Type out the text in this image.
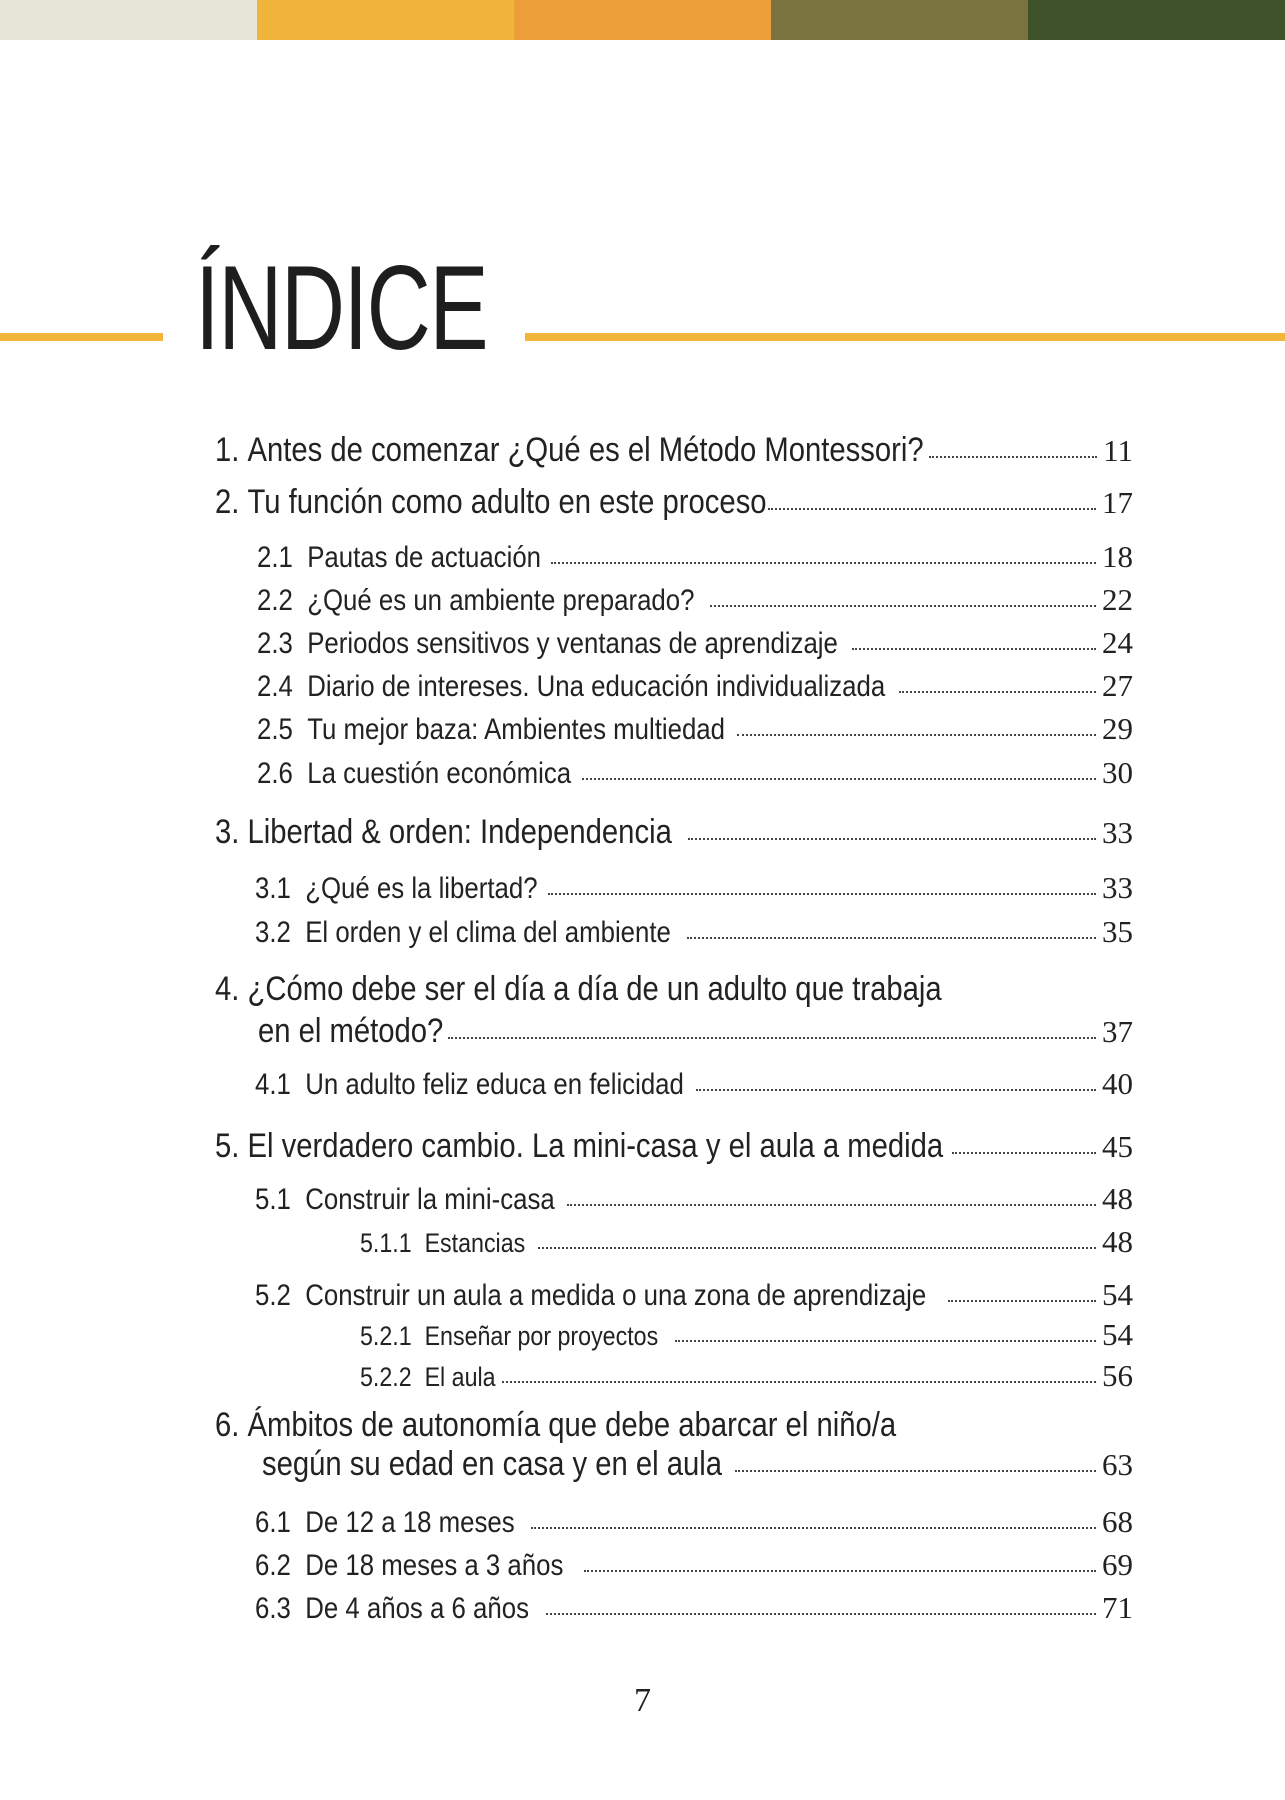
ÍNDICE
1. Antes de comenzar ¿Qué es el Método Montessori?	11
2. Tu función como adulto en este proceso	17
2.1 Pautas de actuación	18
2.2 ¿Qué es un ambiente preparado?	22
2.3 Periodos sensitivos y ventanas de aprendizaje	24
2.4 Diario de intereses. Una educación individualizada	27
2.5 Tu mejor baza: Ambientes multiedad	29
2.6 La cuestión económica	30
3. Libertad & orden: Independencia	33
3.1 ¿Qué es la libertad?	33
3.2 El orden y el clima del ambiente	35
4. ¿Cómo debe ser el día a día de un adulto que trabaja
en el método?	37
4.1 Un adulto feliz educa en felicidad	40
5. El verdadero cambio. La mini-casa y el aula a medida	45
5.1 Construir la mini-casa	48
5.1.1 Estancias	48
5.2 Construir un aula a medida o una zona de aprendizaje	54
5.2.1 Enseñar por proyectos	54
5.2.2 El aula	56
6. Ámbitos de autonomía que debe abarcar el niño/a
según su edad en casa y en el aula	63
6.1 De 12 a 18 meses	68
6.2 De 18 meses a 3 años	69
6.3 De 4 años a 6 años	71
7
